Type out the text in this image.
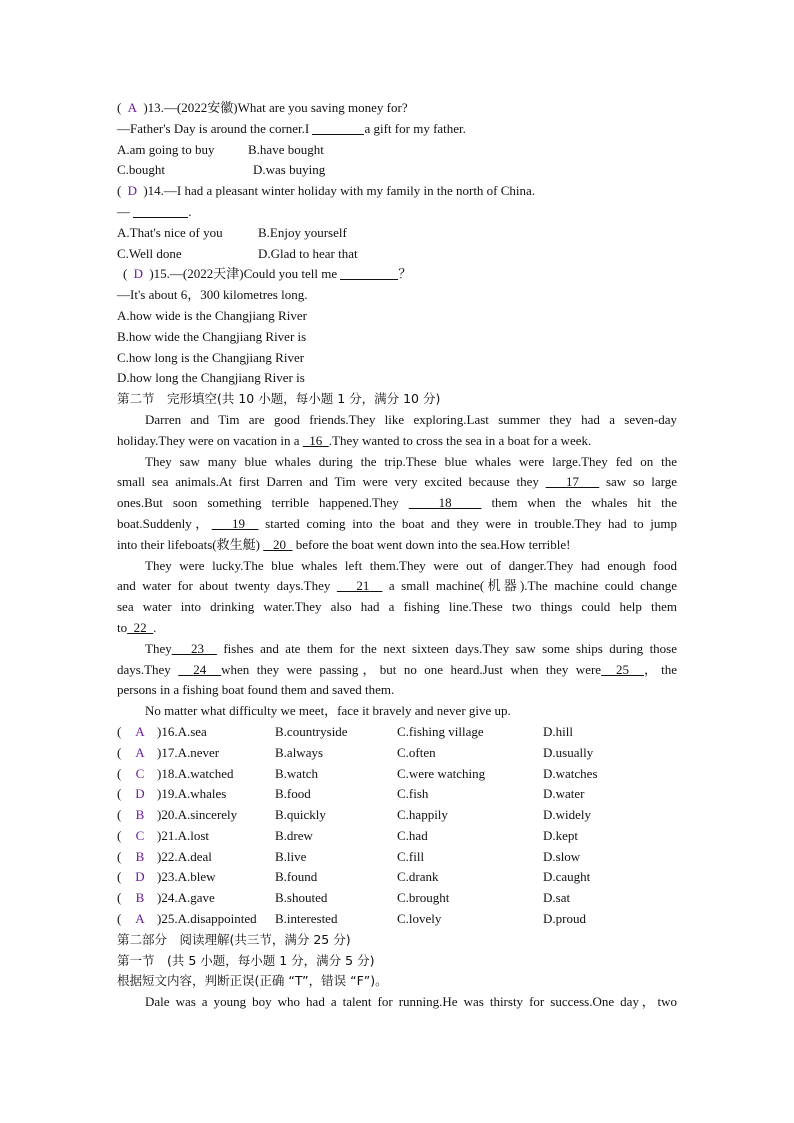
( A )13.—(2022安徽)What are you saving money for?
—Father's Day is around the corner.I	a gift for my father.
A.am going to buy	B.have bought
C.bought	D.was buying
( D )14.—I had a pleasant winter holiday with my family in the north of China.
—	.
A.That's nice of you	B.Enjoy yourself
C.Well done	D.Glad to hear that
( D )15.—(2022天津)Could you tell me	？
—It's about 6，300 kilometres long.
A.how wide is the Changjiang River
B.how wide the Changjiang River is
C.how long is the Changjiang River
D.how long the Changjiang River is
第二节　完形填空(共 10 小题，每小题 1 分，满分 10 分)
Darren and Tim are good friends.They like exploring.Last summer they had a seven-day
holiday.They were on vacation in a   16 .They wanted to cross the sea in a boat for a week.
They saw many blue whales during the trip.These blue whales were large.They fed on the
small sea animals.At first Darren and Tim were very excited because they    17    saw so large
ones.But soon something terrible happened.They    18    them when the whales hit the
boat.Suddenly， 19   started coming into the boat and they were in trouble.They had to jump
into their lifeboats(救生艇)    20   before the boat went down into the sea.How terrible!
They were lucky.The blue whales left them.They were out of danger.They had enough food
and water for about twenty days.They    21   a small machine(机器).The machine could change
sea water into drinking water.They also had a fishing line.These two things could help them
to 22 .
They 23   fishes and ate them for the next sixteen days.They saw some ships during those
days.They   24 when they were passing，but no one heard.Just when they were 25 ，the
persons in a fishing boat found them and saved them.
No matter what difficulty we meet，face it bravely and never give up.
(	A )16.A.sea	B.countryside	C.fishing village	D.hill
(	A )17.A.never	B.always	C.often	D.usually
(	C )18.A.watched	B.watch	C.were watching	D.watches
(	D )19.A.whales	B.food	C.fish	D.water
(	B )20.A.sincerely	B.quickly	C.happily	D.widely
(	C )21.A.lost	B.drew	C.had	D.kept
(	B )22.A.deal	B.live	C.fill	D.slow
(	D )23.A.blew	B.found	C.drank	D.caught
(	B )24.A.gave	B.shouted	C.brought	D.sat
(	A )25.A.disappointed B.interested	C.lovely	D.proud
第二部分　阅读理解(共三节，满分 25 分)
第一节　(共 5 小题，每小题 1 分，满分 5 分)
根据短文内容，判断正误(正确 “T”，错误 “F”)。
Dale was a young boy who had a talent for running.He was thirsty for success.One day，two
